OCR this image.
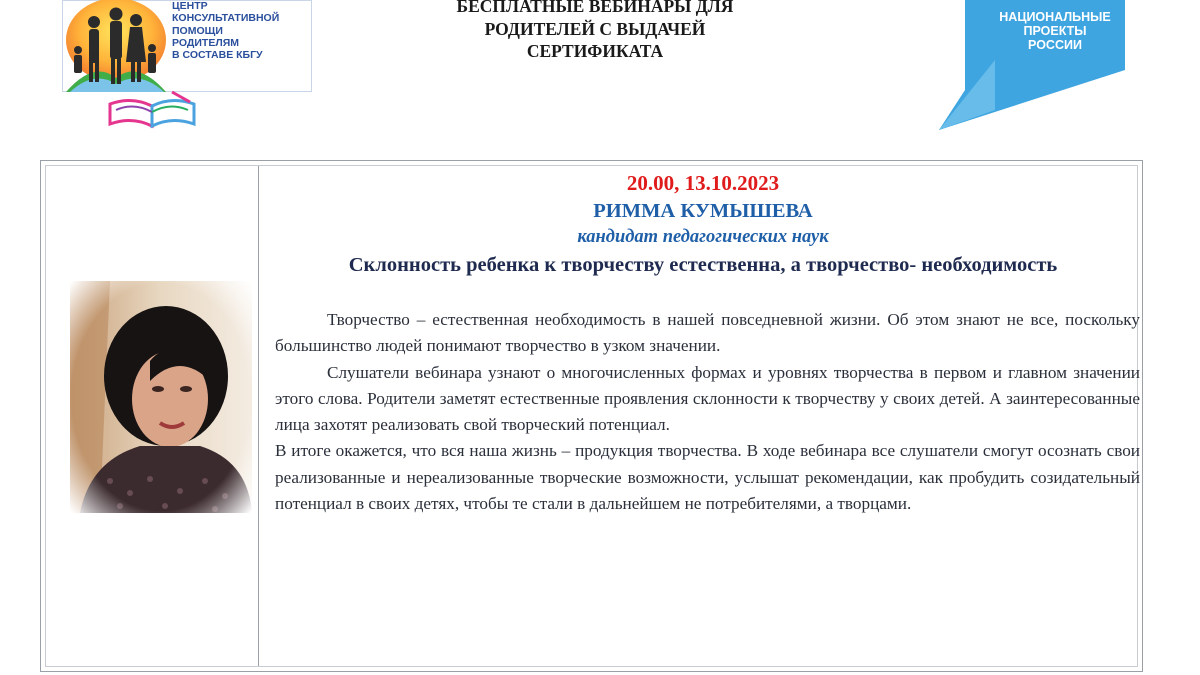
ЦЕНТР
КОНСУЛЬТАТИВНОЙ
ПОМОЩИ
РОДИТЕЛЯМ
В СОСТАВЕ КБГУ
БЕСПЛАТНЫЕ ВЕБИНАРЫ ДЛЯ
РОДИТЕЛЕЙ С ВЫДАЧЕЙ
СЕРТИФИКАТА
НАЦИОНАЛЬНЫЕ
ПРОЕКТЫ
РОССИИ
20.00, 13.10.2023
РИММА КУМЫШЕВА
кандидат педагогических наук
Склонность ребенка к творчеству естественна, а творчество- необходимость

Творчество – естественная необходимость в нашей повседневной жизни. Об этом знают не все, поскольку большинство людей понимают творчество в узком значении.

Слушатели вебинара узнают о многочисленных формах и уровнях творчества в первом и главном значении этого слова. Родители заметят естественные проявления склонности к творчеству у своих детей. А заинтересованные лица захотят реализовать свой творческий потенциал.

В итоге окажется, что вся наша жизнь – продукция творчества. В ходе вебинара все слушатели смогут осознать свои реализованные и нереализованные творческие возможности, услышат рекомендации, как пробудить созидательный потенциал в своих детях, чтобы те стали в дальнейшем не потребителями, а творцами.
